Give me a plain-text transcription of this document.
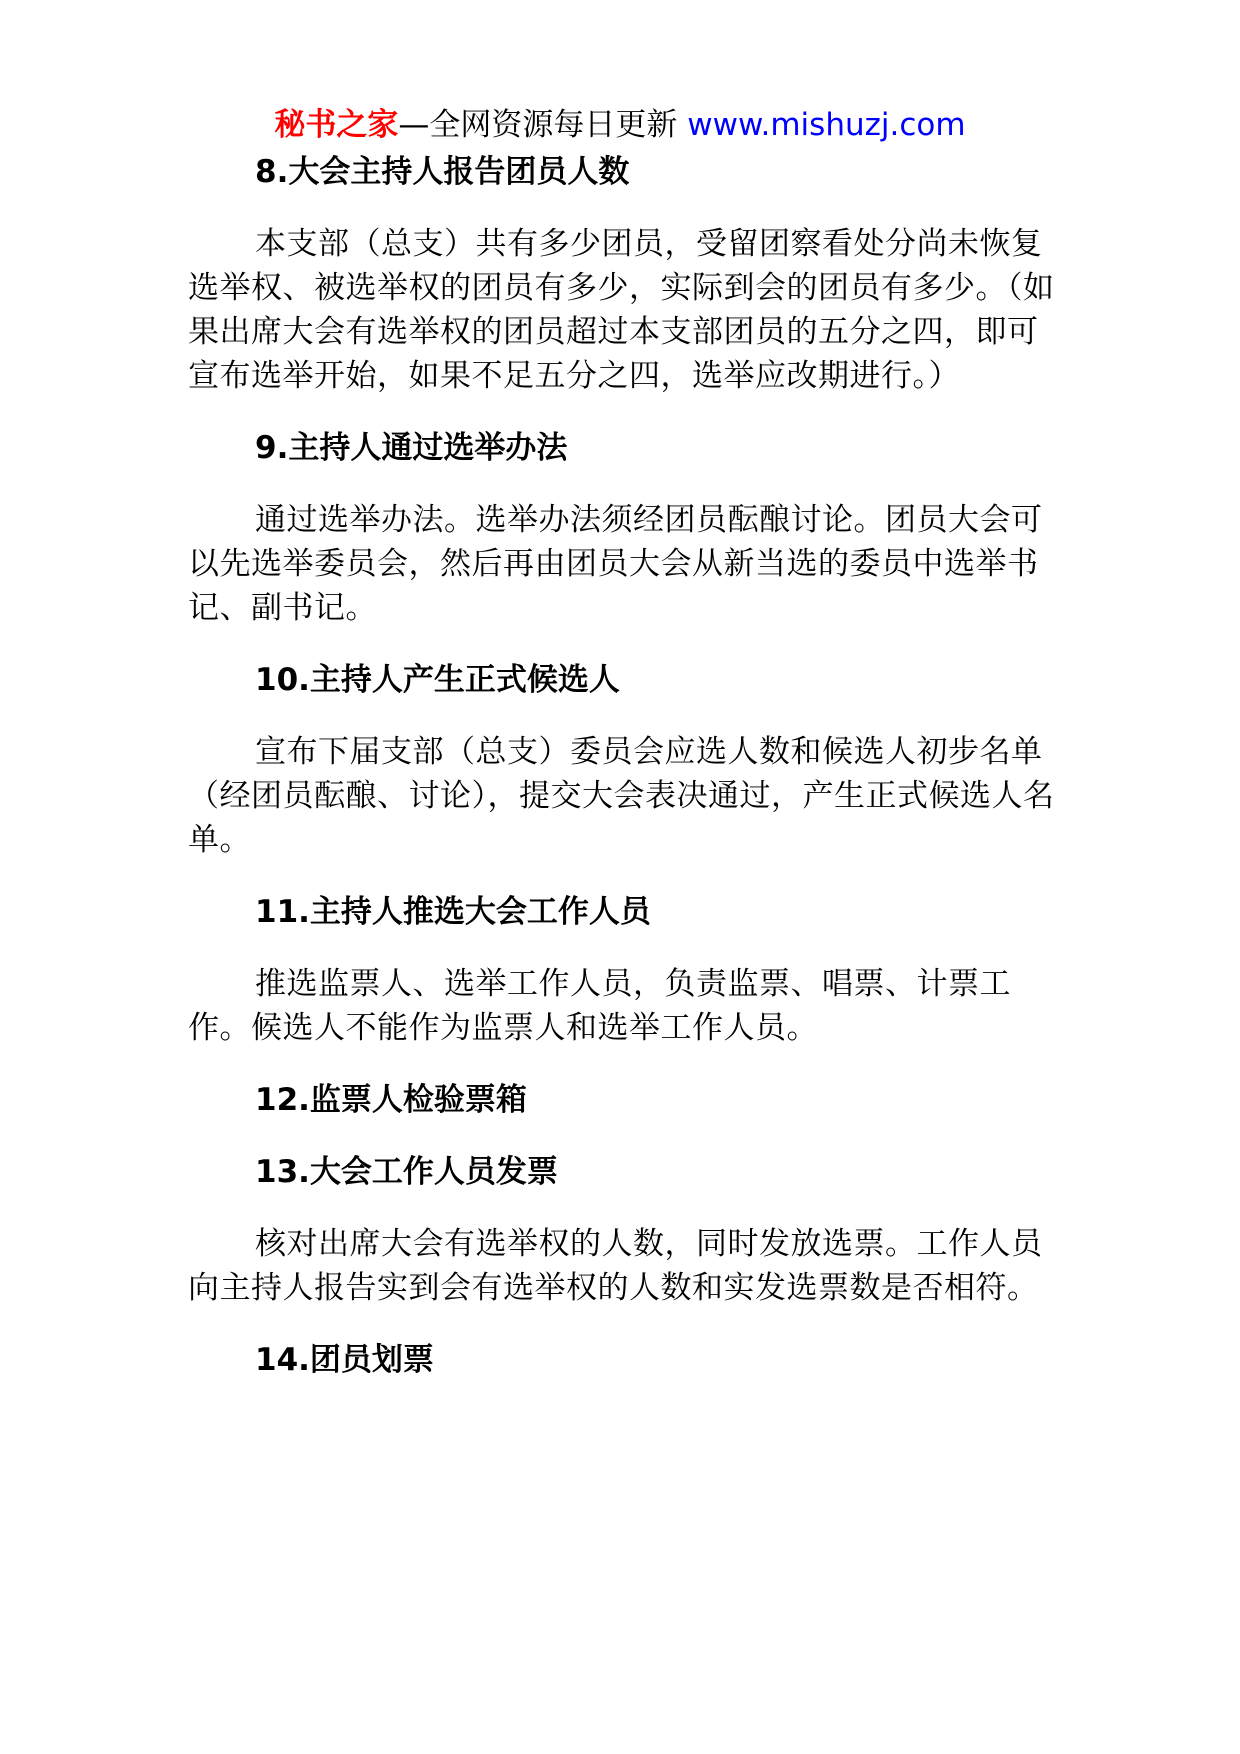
秘书之家—全网资源每日更新 www.mishuzj.com
8.大会主持人报告团员人数

本支部（总支）共有多少团员，受留团察看处分尚未恢复选举权、被选举权的团员有多少，实际到会的团员有多少。（如果出席大会有选举权的团员超过本支部团员的五分之四，即可宣布选举开始，如果不足五分之四，选举应改期进行。）

9.主持人通过选举办法

通过选举办法。选举办法须经团员酝酿讨论。团员大会可以先选举委员会，然后再由团员大会从新当选的委员中选举书记、副书记。

10.主持人产生正式候选人

宣布下届支部（总支）委员会应选人数和候选人初步名单（经团员酝酿、讨论），提交大会表决通过，产生正式候选人名单。

11.主持人推选大会工作人员

推选监票人、选举工作人员，负责监票、唱票、计票工作。候选人不能作为监票人和选举工作人员。

12.监票人检验票箱
13.大会工作人员发票

核对出席大会有选举权的人数，同时发放选票。工作人员向主持人报告实到会有选举权的人数和实发选票数是否相符。

14.团员划票
